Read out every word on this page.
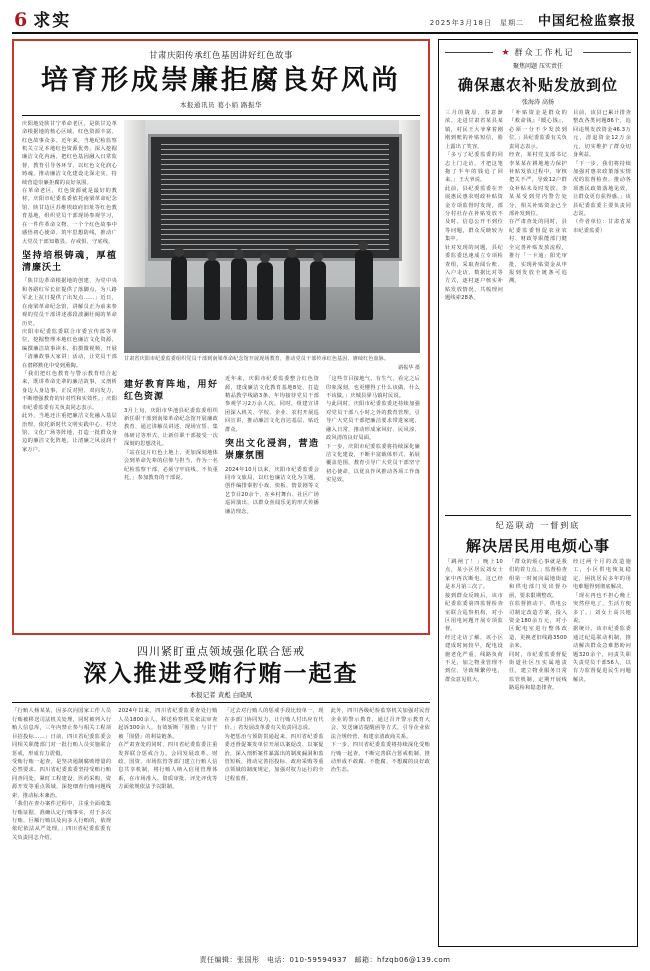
6 求实	2025年3月18日　星期二 中国纪检监察报
甘肃庆阳传承红色基因讲好红色故事
培育形成崇廉拒腐良好风尚
本报通讯员 葛小娟 路振华
庆阳地处陕甘宁革命老区，是陕甘边革命根据地的核心区域，红色资源丰富、红色故事众多。近年来，当地纪检监察机关立足本地红色资源优势，深入挖掘廉洁文化内涵，把红色基因融入日常监督、教育引导各环节，以红色文化润心铸魂，推动廉洁文化建设走深走实，持续营造崇廉拒腐的良好氛围。
在革命老区，红色资源就是最好的教材。庆阳市纪委监委依托南梁革命纪念馆、陕甘边区苏维埃政府旧址等红色教育基地，组织党员干部现场参观学习，在一件件革命文物、一个个红色故事中感悟初心使命、筑牢思想防线，推动广大党员干部知敬畏、存戒惧、守底线。
坚持培根铸魂，厚植清廉沃土
「陕甘边革命根据地的创建，为党中央和各路红军长征提供了落脚点，为八路军北上抗日提供了出发点……」近日，在南梁革命纪念馆，讲解员正为前来参观的党员干部讲述那段波澜壮阔的革命历史。
庆阳市纪委监委联合市委宣传部等单位，挖掘整理本地红色廉洁文化资源，编撰廉洁故事读本，拍摄微视频，开展「清廉故事大家讲」活动，让党员干部在潜移默化中受到熏陶。
「我们把红色教育与警示教育结合起来，既讲革命先辈的廉洁故事，又剖析身边人身边事，正反对照、双向发力，不断增强教育的针对性和实效性。」庆阳市纪委监委有关负责同志表示。
此外，当地还注重把廉洁文化融入基层治理，依托新时代文明实践中心、村史馆、文化广场等阵地，打造一批群众身边的廉洁文化阵地，让清廉之风浸润千家万户。
甘肃省庆阳市纪委监委组织党员干部到南梁革命纪念馆开展现场教育，推动党员干部传承红色基因、赓续红色血脉。
路振华 摄
建好教育阵地，用好红色资源
3月上旬，庆阳市华池县纪委监委组织新任职干部到南梁革命纪念馆开展廉政教育，通过讲解员讲述、现场宣誓、集体研讨等形式，让新任职干部接受一次深刻的思想洗礼。
「站在这片红色土地上，更加深刻地体会到革命先辈的信仰与担当，作为一名纪检监察干部，必须守牢底线、不负重托。」参加教育的干部说。
近年来，庆阳市纪委监委整合红色资源，建成廉洁文化教育基地8处，打造精品教学线路3条，年均接待党员干部参观学习2万余人次。同时，组建宣讲团深入机关、学校、企业、农村开展巡回宣讲，推动廉洁文化直达基层、贴近群众。
突出文化浸润，营造崇廉氛围
2024年10月以来，庆阳市纪委监委会同市文旅局，以红色廉洁文化为主题，创作编排秦腔小戏、快板、情景剧等文艺节目20余个，在乡村舞台、社区广场巡回演出，以群众喜闻乐见的形式传播廉洁理念。
「这些节目接地气、有生气，看完之后印象深刻，也更懂得了什么该做、什么不该做。」庆城县驿马镇村民说。
与此同时，庆阳市纪委监委还持续加强对党员干部八小时之外的教育管理，引导广大党员干部把廉洁要求带进家庭、融入日常，推动形成家风好、民风淳、政风清的良好局面。
下一步，庆阳市纪委监委将持续深化廉洁文化建设，不断丰富载体形式、拓展覆盖范围，教育引导广大党员干部坚守初心使命，以优良作风推动各项工作落实见效。
四川紧盯重点领域强化联合惩戒
深入推进受贿行贿一起查
本报记者 黄彪 白晓凤
「行贿人杨某某，因多次向国家工作人员行贿被移送司法机关处理，同时被列入行贿人信息库，三年内禁止参与相关工程项目招投标……」日前，四川省纪委监委会同相关职能部门对一批行贿人员实施联合惩戒，形成有力震慑。
受贿行贿一起查，是坚决遏制腐败增量的必然要求。四川省纪委监委坚持受贿行贿同查同处，紧盯工程建设、医药采购、资源开发等重点领域，深挖细查行贿问题线索，推动标本兼治。
「我们在查办案件过程中，注重全面收集行贿证据，准确认定行贿事实，对于多次行贿、巨额行贿以及向多人行贿的，依规依纪依法从严处理。」四川省纪委监委有关负责同志介绍。
2024年以来，四川省纪委监委查处行贿人员1800余人，移送检察机关依法审查起诉300余人，有效斩断「围猎」与甘于被「围猎」的利益链条。
在严肃查处的同时，四川省纪委监委注重发挥联合惩戒合力。会同发展改革、财政、国资、市场监管等部门建立行贿人信息共享机制，将行贿人纳入信用管理体系，在市场准入、资质审批、评先评优等方面依规依法予以限制。
「过去对行贿人的惩戒手段比较单一，现在多部门协同发力，让行贿人付出应有代价。」省发展改革委有关负责同志说。
为把惩治与预防贯通起来，四川省纪委监委还督促案发单位开展以案促改、以案促治，深入剖析案件暴露出的制度漏洞和监管短板，推动完善招投标、政府采购等重点领域的制度规定，加强对权力运行的全过程监督。
此外，四川各级纪检监察机关加强对民营企业的警示教育，通过召开警示教育大会、发送廉洁提醒函等方式，引导企业依法合规经营，构建亲清政商关系。
下一步，四川省纪委监委将持续深化受贿行贿一起查，不断完善联合惩戒机制，推动形成不敢腐、不能腐、不想腐的良好政治生态。
★ 群众工作札记
聚焦问题 压实责任
确保惠农补贴发放到位
张海涛 高扬
三月的陇原，春意渐浓。走进甘肃省某县某镇，村民王大爷拿着刚刚到账的补贴短信，脸上露出了笑容。
「多亏了纪委监委的同志上门走访，才把这笔拖了半年的钱追了回来。」王大爷说。
此前，县纪委监委在开展惠民惠农财政补贴资金专项监督时发现，部分村社存在补贴发放不及时、信息公开不到位等问题，群众反映较为集中。
针对发现的问题，县纪委监委迅速成立专项检查组，采取查阅台账、入户走访、数据比对等方式，逐村逐户核实补贴发放情况，共梳理问题线索28条。
「补贴资金是群众的『救命钱』『暖心钱』，必须一分不少发放到位。」县纪委监委有关负责同志表示。
经查，某村党支部书记李某某在耕地地力保护补贴发放过程中，审核把关不严，导致12户群众补贴未及时发放。李某某受到党内警告处分，相关补贴资金已全部补发到位。
在严肃查处的同时，县纪委监委督促农业农村、财政等职能部门健全完善补贴发放流程，推行「一卡通」阳光审批，实现补贴资金从申报到发放全链条可追溯。
目前，该县已累计排查整改各类问题86个，追回违规发放资金46.3万元，清退资金12万余元，切实维护了群众切身利益。
「下一步，我们将持续加强对惠农政策落实情况的监督检查，推动各项惠民政策落地见效，让群众更有获得感。」该县纪委监委主要负责同志说。
（作者单位：甘肃省某市纪委监委）
纪巡联动 一督到底
解决居民用电烦心事
「跳闸了！」晚上10点，某小区居民刘女士家中再次断电，这已经是本月第三次了。
接到群众反映后，该市纪委监委第四监督检查室联合巡察机构，对小区用电问题开展专项监督。
经过走访了解，该小区建成时间较早，配电设施老化严重，线路负荷不足，加之物业管理不到位，导致频繁停电，群众意见很大。
「群众的烦心事就是我们的着力点。」监督检查组第一时间向属地街道和供电部门发出督办函，要求限期整改。
在监督推动下，供电公司制定改造方案，投入资金180余万元，对小区配电室进行整体改造，更换老旧线路3500余米。
同时，市纪委监委督促街道社区压实属地责任，建立物业服务日常监管机制，定期开展线路巡检和隐患排查。
经过两个月的改造施工，小区供电恢复稳定，困扰居民多年的用电难题得到彻底解决。
「现在再也不担心晚上突然停电了，生活方便多了。」刘女士高兴地说。
据统计，该市纪委监委通过纪巡联动机制，推动解决群众急难愁盼问题320余个，问责失职失责党员干部56人，以有力监督促进民生问题解决。
责任编辑：张国彤　电话：010-59594937　邮箱：hfzqb06@139.com
